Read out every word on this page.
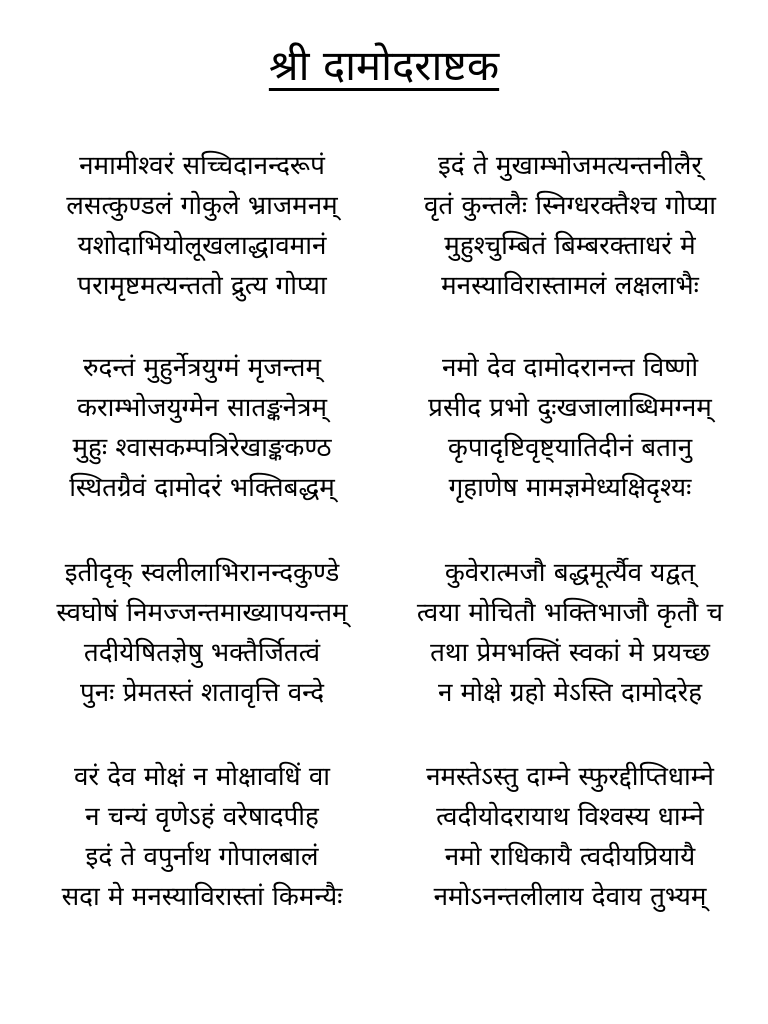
श्री दामोदराष्टक
नमामीश्वरं सच्चिदानन्दरूपं
लसत्कुण्डलं गोकुले भ्राजमनम्
यशोदाभियोलूखलाद्धावमानं
परामृष्टमत्यन्ततो द्रुत्य गोप्या
इदं ते मुखाम्भोजमत्यन्तनीलैर्
वृतं कुन्तलैः स्निग्धरक्तैश्च गोप्या
मुहुश्चुम्बितं बिम्बरक्ताधरं मे
मनस्याविरास्तामलं लक्षलाभैः
रुदन्तं मुहुर्नेत्रयुग्मं मृजन्तम्
कराम्भोजयुग्मेन सातङ्कनेत्रम्
मुहुः श्वासकम्पत्रिरेखाङ्ककण्ठ
स्थितग्रैवं दामोदरं भक्तिबद्धम्
नमो देव दामोदरानन्त विष्णो
प्रसीद प्रभो दुःखजालाब्धिमग्नम्
कृपादृष्टिवृष्ट्यातिदीनं बतानु
गृहाणेष मामज्ञमेध्यक्षिदृश्यः
इतीदृक् स्वलीलाभिरानन्दकुण्डे
स्वघोषं निमज्जन्तमाख्यापयन्तम्
तदीयेषितज्ञेषु भक्तैर्जितत्वं
पुनः प्रेमतस्तं शतावृत्ति वन्दे
कुवेरात्मजौ बद्धमूर्त्यैव यद्वत्
त्वया मोचितौ भक्तिभाजौ कृतौ च
तथा प्रेमभक्तिं स्वकां मे प्रयच्छ
न मोक्षे ग्रहो मेऽस्ति दामोदरेह
वरं देव मोक्षं न मोक्षावधिं वा
न चन्यं वृणेऽहं वरेषादपीह
इदं ते वपुर्नाथ गोपालबालं
सदा मे मनस्याविरास्तां किमन्यैः
नमस्तेऽस्तु दाम्ने स्फुरद्दीप्तिधाम्ने
त्वदीयोदरायाथ विश्वस्य धाम्ने
नमो राधिकायै त्वदीयप्रियायै
नमोऽनन्तलीलाय देवाय तुभ्यम्
